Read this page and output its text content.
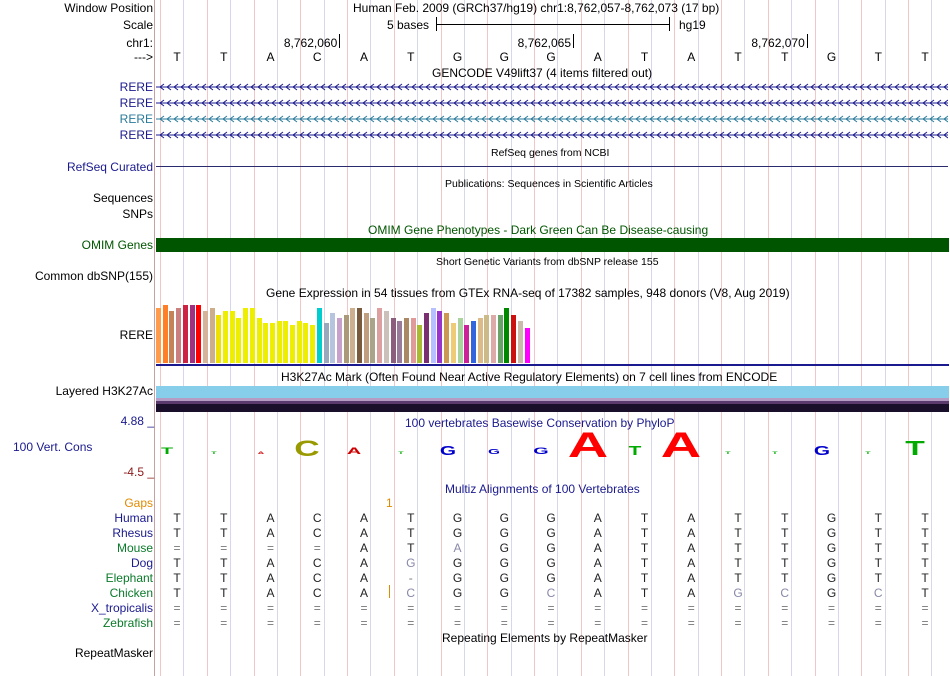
Window Position	Human Feb. 2009 (GRCh37/hg19) chr1:8,762,057-8,762,073 (17 bp)
Scale	5 bases	hg19
chr1:	8,762,060	8,762,065	8,762,070
--->	T	T	A	C	A	T	G	G	G	A	T	A	T	T	G	T	T
GENCODE V49lift37 (4 items filtered out)
RERE
RERE
RERE
RERE
RefSeq genes from NCBI
RefSeq Curated
Publications: Sequences in Scientific Articles
Sequences
SNPs
OMIM Gene Phenotypes - Dark Green Can Be Disease-causing
OMIM Genes
Short Genetic Variants from dbSNP release 155
Common dbSNP(155)
Gene Expression in 54 tissues from GTEx RNA-seq of 17382 samples, 948 donors (V8, Aug 2019)
RERE
H3K27Ac Mark (Often Found Near Active Regulatory Elements) on 7 cell lines from ENCODE
Layered H3K27Ac
100 vertebrates Basewise Conservation by PhyloP
4.88 _
100 Vert. Cons
-4.5 _
T	T	A	C	A	T	G	G	G A	T A	T	T	G	T	T
Multiz Alignments of 100 Vertebrates
Gaps	1
Human	T	T	A	C	A	T	G	G	G	A	T	A	T	T	G	T	T
Rhesus	T	T	A	C	A	T	G	G	G	A	T	A	T	T	G	T	T
Mouse	=	=	=	=	A	T	A	G	G	A	T	A	T	T	G	T	T
Dog	T	T	A	C	A	G	G	G	G	A	T	A	T	T	G	T	T
Elephant	T	T	A	C	A	-	G	G	G	A	T	A	T	T	G	T	T
Chicken	T	T	A	C	A	C	G	G	C	A	T	A	G	C	G	C	T
X_tropicalis	=	=	=	=	=	=	=	=	=	=	=	=	=	=	=	=	=
Zebrafish	=	=	=	=	=	=	=	=	=	=	=	=	=	=	=	=	=
Repeating Elements by RepeatMasker
RepeatMasker
